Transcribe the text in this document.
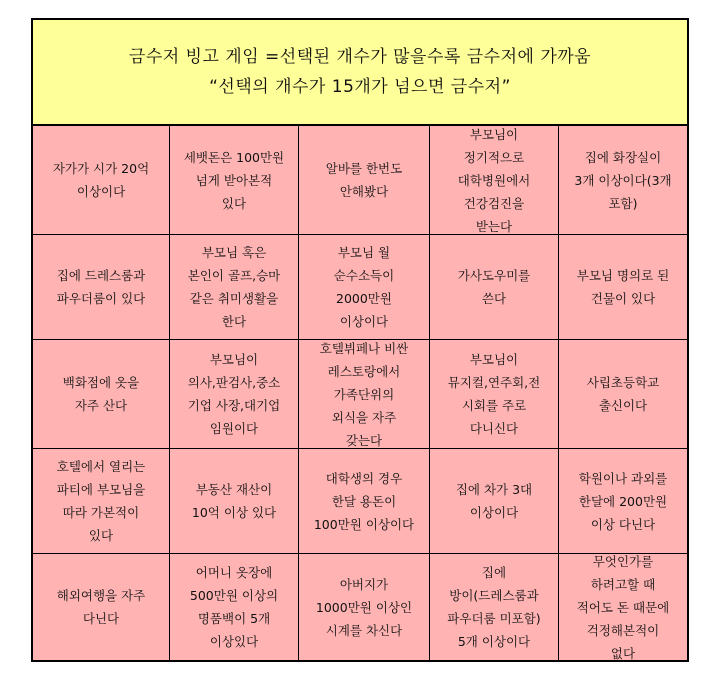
금수저 빙고 게임 =선택된 개수가 많을수록 금수저에 가까움
“선택의 개수가 15개가 넘으면 금수저”
자가가 시가 20억
이상이다
세뱃돈은 100만원
넘게 받아본적
있다
알바를 한번도
안해봤다
부모님이
정기적으로
대학병원에서
건강검진을
받는다
집에 화장실이
3개 이상이다(3개
포함)
집에 드레스룸과
파우더룸이 있다
부모님 혹은
본인이 골프,승마
같은 취미생활을
한다
부모님 월
순수소득이
2000만원
이상이다
가사도우미를
쓴다
부모님 명의로 된
건물이 있다
백화점에 옷을
자주 산다
부모님이
의사,판검사,중소
기업 사장,대기업
임원이다
호텔뷔페나 비싼
레스토랑에서
가족단위의
외식을 자주
갖는다
부모님이
뮤지컬,연주회,전
시회를 주로
다니신다
사립초등학교
출신이다
호텔에서 열리는
파티에 부모님을
따라 가본적이
있다
부동산 재산이
10억 이상 있다
대학생의 경우
한달 용돈이
100만원 이상이다
집에 차가 3대
이상이다
학원이나 과외를
한달에 200만원
이상 다닌다
해외여행을 자주
다닌다
어머니 옷장에
500만원 이상의
명품백이 5개
이상있다
아버지가
1000만원 이상인
시계를 차신다
집에
방이(드레스룸과
파우더룸 미포함)
5개 이상이다
무엇인가를
하려고할 때
적어도 돈 때문에
걱정해본적이
없다
